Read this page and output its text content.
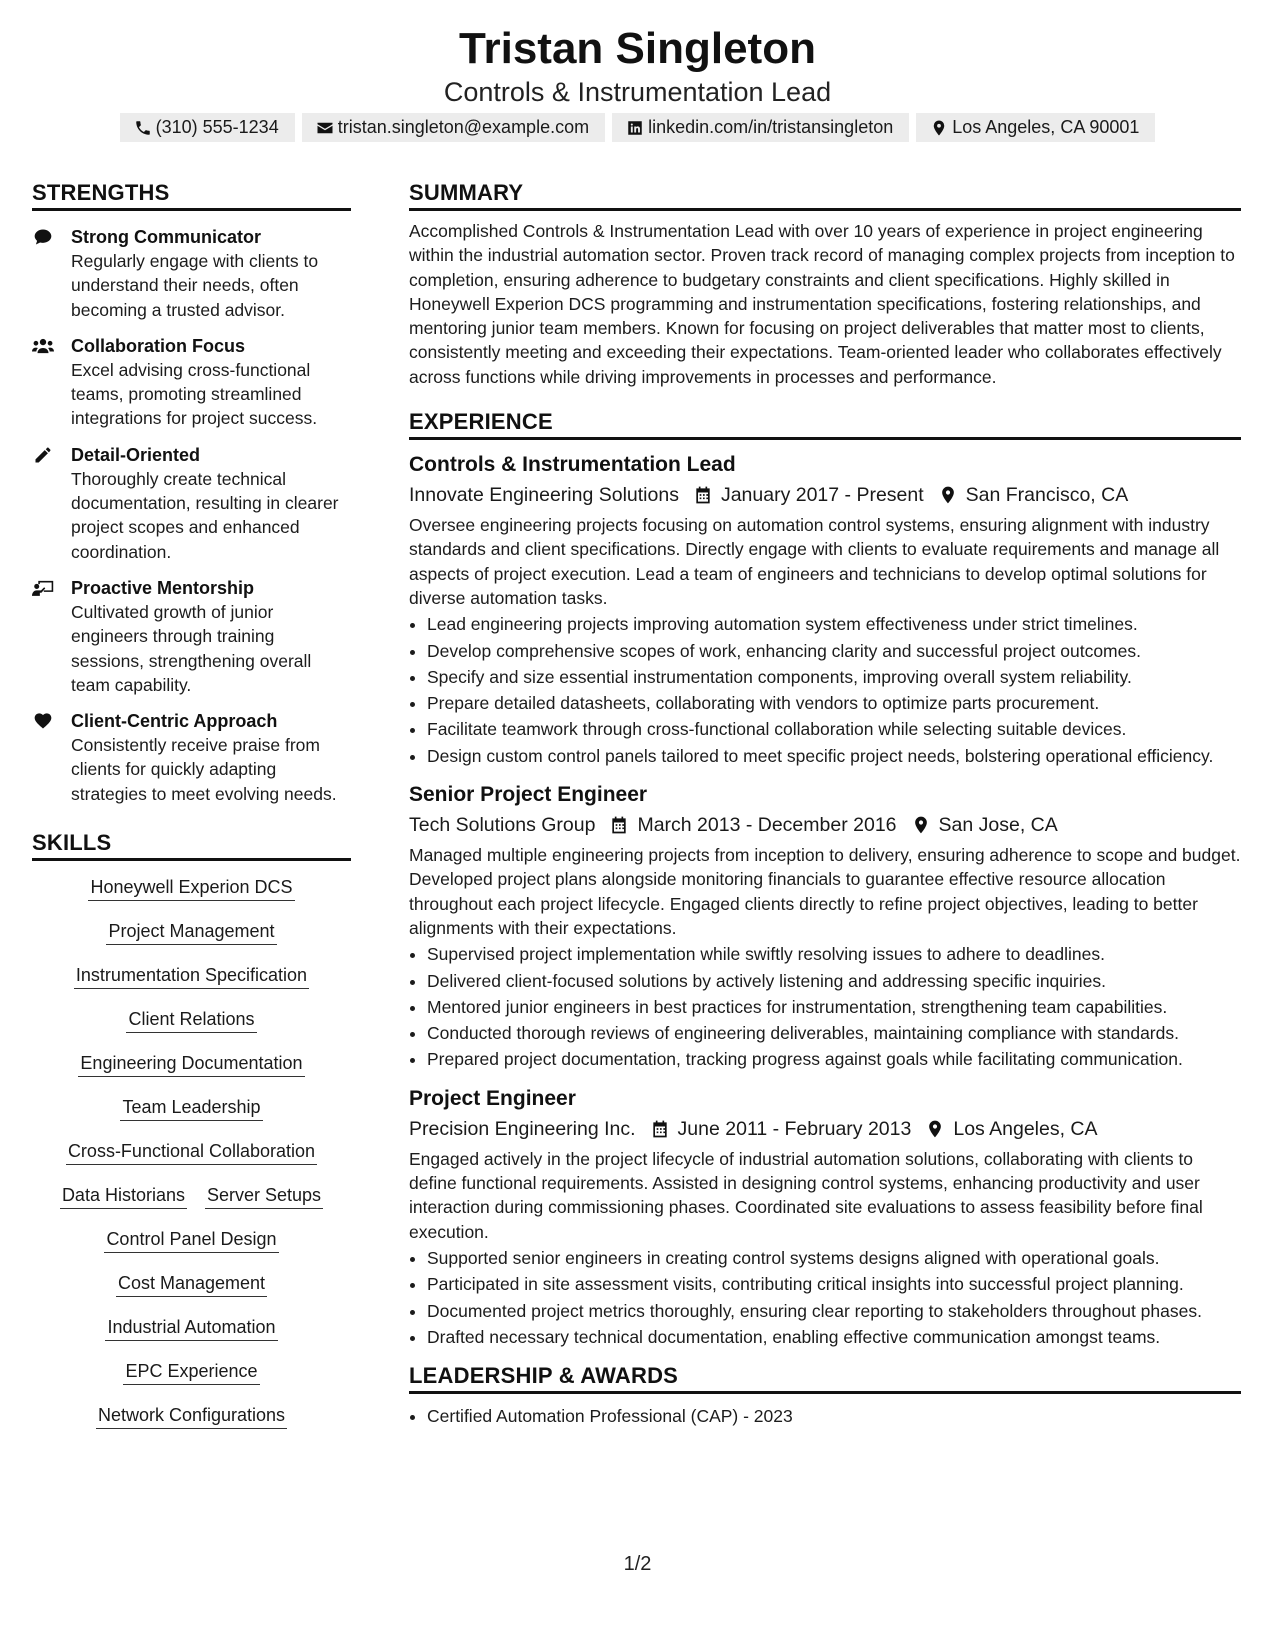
Tristan Singleton
Controls & Instrumentation Lead
(310) 555-1234	tristan.singleton@example.com	linkedin.com/in/tristansingleton	Los Angeles, CA 90001
STRENGTHS
Strong Communicator
Regularly engage with clients to understand their needs, often becoming a trusted advisor.
Collaboration Focus
Excel advising cross-functional teams, promoting streamlined integrations for project success.
Detail-Oriented
Thoroughly create technical documentation, resulting in clearer project scopes and enhanced coordination.
Proactive Mentorship
Cultivated growth of junior engineers through training sessions, strengthening overall team capability.
Client-Centric Approach
Consistently receive praise from clients for quickly adapting strategies to meet evolving needs.
SKILLS
Honeywell Experion DCS
Project Management
Instrumentation Specification
Client Relations
Engineering Documentation
Team Leadership
Cross-Functional Collaboration
Data Historians Server Setups
Control Panel Design
Cost Management
Industrial Automation
EPC Experience
Network Configurations
SUMMARY
Accomplished Controls & Instrumentation Lead with over 10 years of experience in project engineering within the industrial automation sector. Proven track record of managing complex projects from inception to completion, ensuring adherence to budgetary constraints and client specifications. Highly skilled in Honeywell Experion DCS programming and instrumentation specifications, fostering relationships, and mentoring junior team members. Known for focusing on project deliverables that matter most to clients, consistently meeting and exceeding their expectations. Team-oriented leader who collaborates effectively across functions while driving improvements in processes and performance.
EXPERIENCE
Controls & Instrumentation Lead
Innovate Engineering Solutions January 2017 - Present San Francisco, CA
Oversee engineering projects focusing on automation control systems, ensuring alignment with industry standards and client specifications. Directly engage with clients to evaluate requirements and manage all aspects of project execution. Lead a team of engineers and technicians to develop optimal solutions for diverse automation tasks.
• Lead engineering projects improving automation system effectiveness under strict timelines.
• Develop comprehensive scopes of work, enhancing clarity and successful project outcomes.
• Specify and size essential instrumentation components, improving overall system reliability.
• Prepare detailed datasheets, collaborating with vendors to optimize parts procurement.
• Facilitate teamwork through cross-functional collaboration while selecting suitable devices.
• Design custom control panels tailored to meet specific project needs, bolstering operational efficiency.
Senior Project Engineer
Tech Solutions Group March 2013 - December 2016 San Jose, CA
Managed multiple engineering projects from inception to delivery, ensuring adherence to scope and budget. Developed project plans alongside monitoring financials to guarantee effective resource allocation throughout each project lifecycle. Engaged clients directly to refine project objectives, leading to better alignments with their expectations.
• Supervised project implementation while swiftly resolving issues to adhere to deadlines.
• Delivered client-focused solutions by actively listening and addressing specific inquiries.
• Mentored junior engineers in best practices for instrumentation, strengthening team capabilities.
• Conducted thorough reviews of engineering deliverables, maintaining compliance with standards.
• Prepared project documentation, tracking progress against goals while facilitating communication.
Project Engineer
Precision Engineering Inc. June 2011 - February 2013 Los Angeles, CA
Engaged actively in the project lifecycle of industrial automation solutions, collaborating with clients to define functional requirements. Assisted in designing control systems, enhancing productivity and user interaction during commissioning phases. Coordinated site evaluations to assess feasibility before final execution.
• Supported senior engineers in creating control systems designs aligned with operational goals.
• Participated in site assessment visits, contributing critical insights into successful project planning.
• Documented project metrics thoroughly, ensuring clear reporting to stakeholders throughout phases.
• Drafted necessary technical documentation, enabling effective communication amongst teams.
LEADERSHIP & AWARDS
• Certified Automation Professional (CAP) - 2023
1/2
